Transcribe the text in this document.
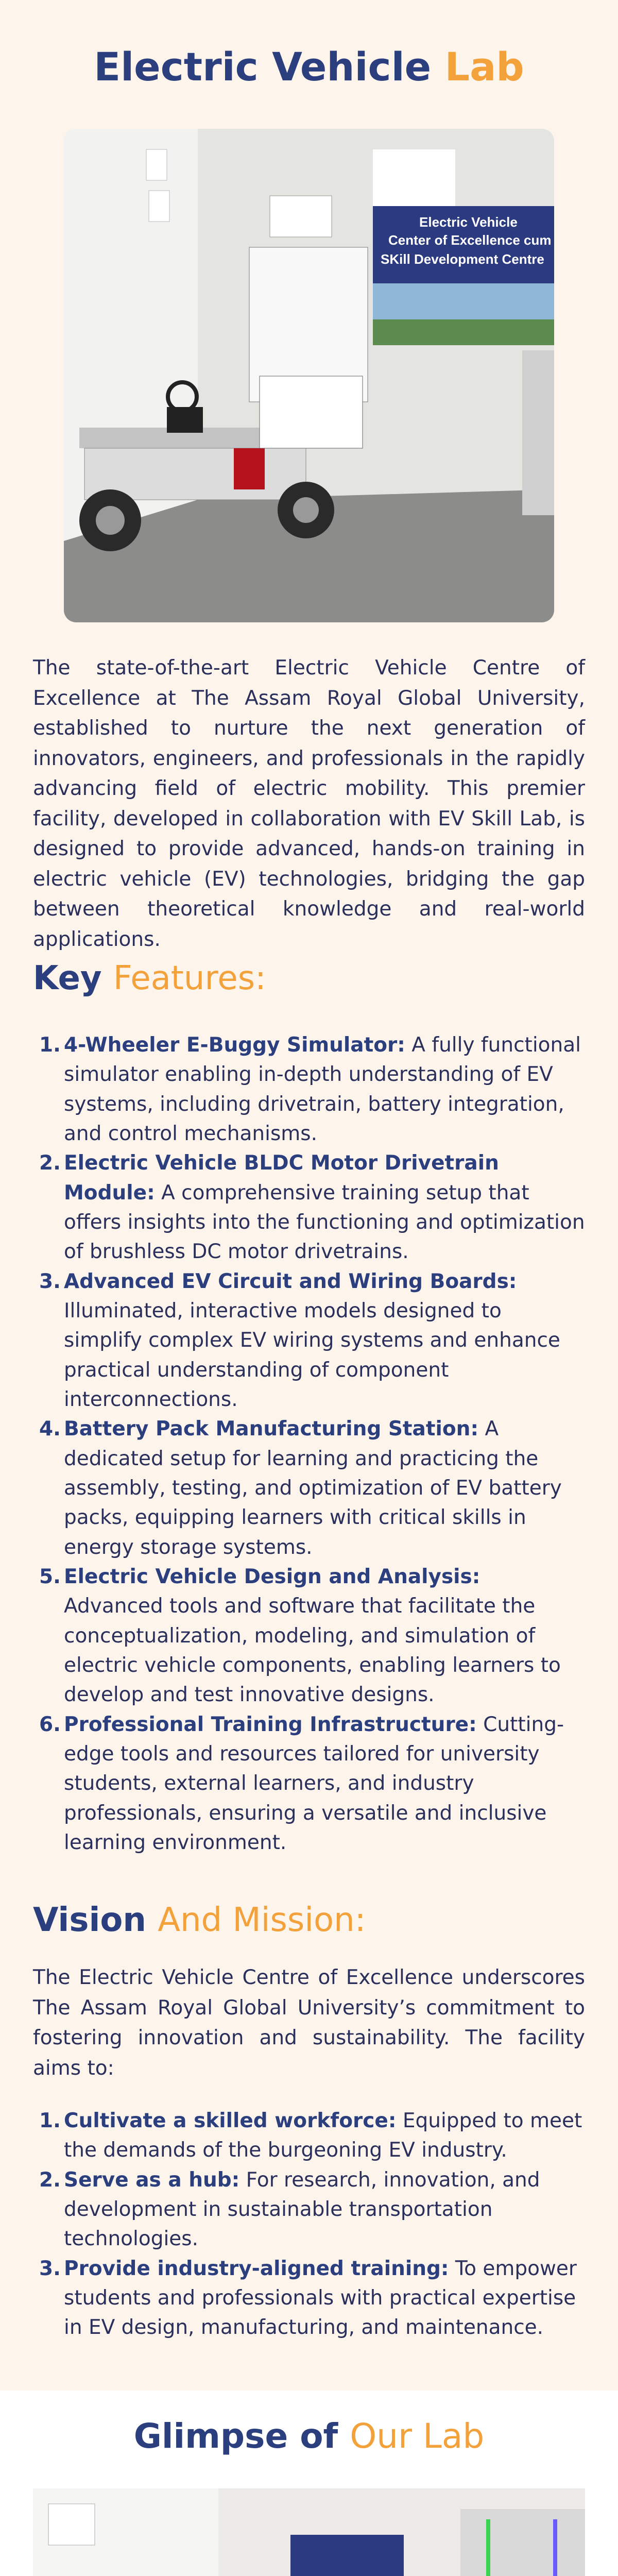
Electric Vehicle Lab
Electric Vehicle
Center of Excellence cum
SKill Development Centre

The state-of-the-art Electric Vehicle Centre of Excellence at The Assam Royal Global University, established to nurture the next generation of innovators, engineers, and professionals in the rapidly advancing field of electric mobility. This premier facility, developed in collaboration with EV Skill Lab, is designed to provide advanced, hands-on training in electric vehicle (EV) technologies, bridging the gap between theoretical knowledge and real-world applications.

Key Features:
1. 4-Wheeler E-Buggy Simulator: A fully functional simulator enabling in-depth understanding of EV systems, including drivetrain, battery integration, and control mechanisms.
2. Electric Vehicle BLDC Motor Drivetrain Module: A comprehensive training setup that offers insights into the functioning and optimization of brushless DC motor drivetrains.
3. Advanced EV Circuit and Wiring Boards: Illuminated, interactive models designed to simplify complex EV wiring systems and enhance practical understanding of component interconnections.
4. Battery Pack Manufacturing Station: A dedicated setup for learning and practicing the assembly, testing, and optimization of EV battery packs, equipping learners with critical skills in energy storage systems.
5. Electric Vehicle Design and Analysis: Advanced tools and software that facilitate the conceptualization, modeling, and simulation of electric vehicle components, enabling learners to develop and test innovative designs.
6. Professional Training Infrastructure: Cutting-edge tools and resources tailored for university students, external learners, and industry professionals, ensuring a versatile and inclusive learning environment.
Vision And Mission:

The Electric Vehicle Centre of Excellence underscores The Assam Royal Global University’s commitment to fostering innovation and sustainability. The facility aims to:

1. Cultivate a skilled workforce: Equipped to meet the demands of the burgeoning EV industry.
2. Serve as a hub: For research, innovation, and development in sustainable transportation technologies.
3. Provide industry-aligned training: To empower students and professionals with practical expertise in EV design, manufacturing, and maintenance.
Glimpse of Our Lab
